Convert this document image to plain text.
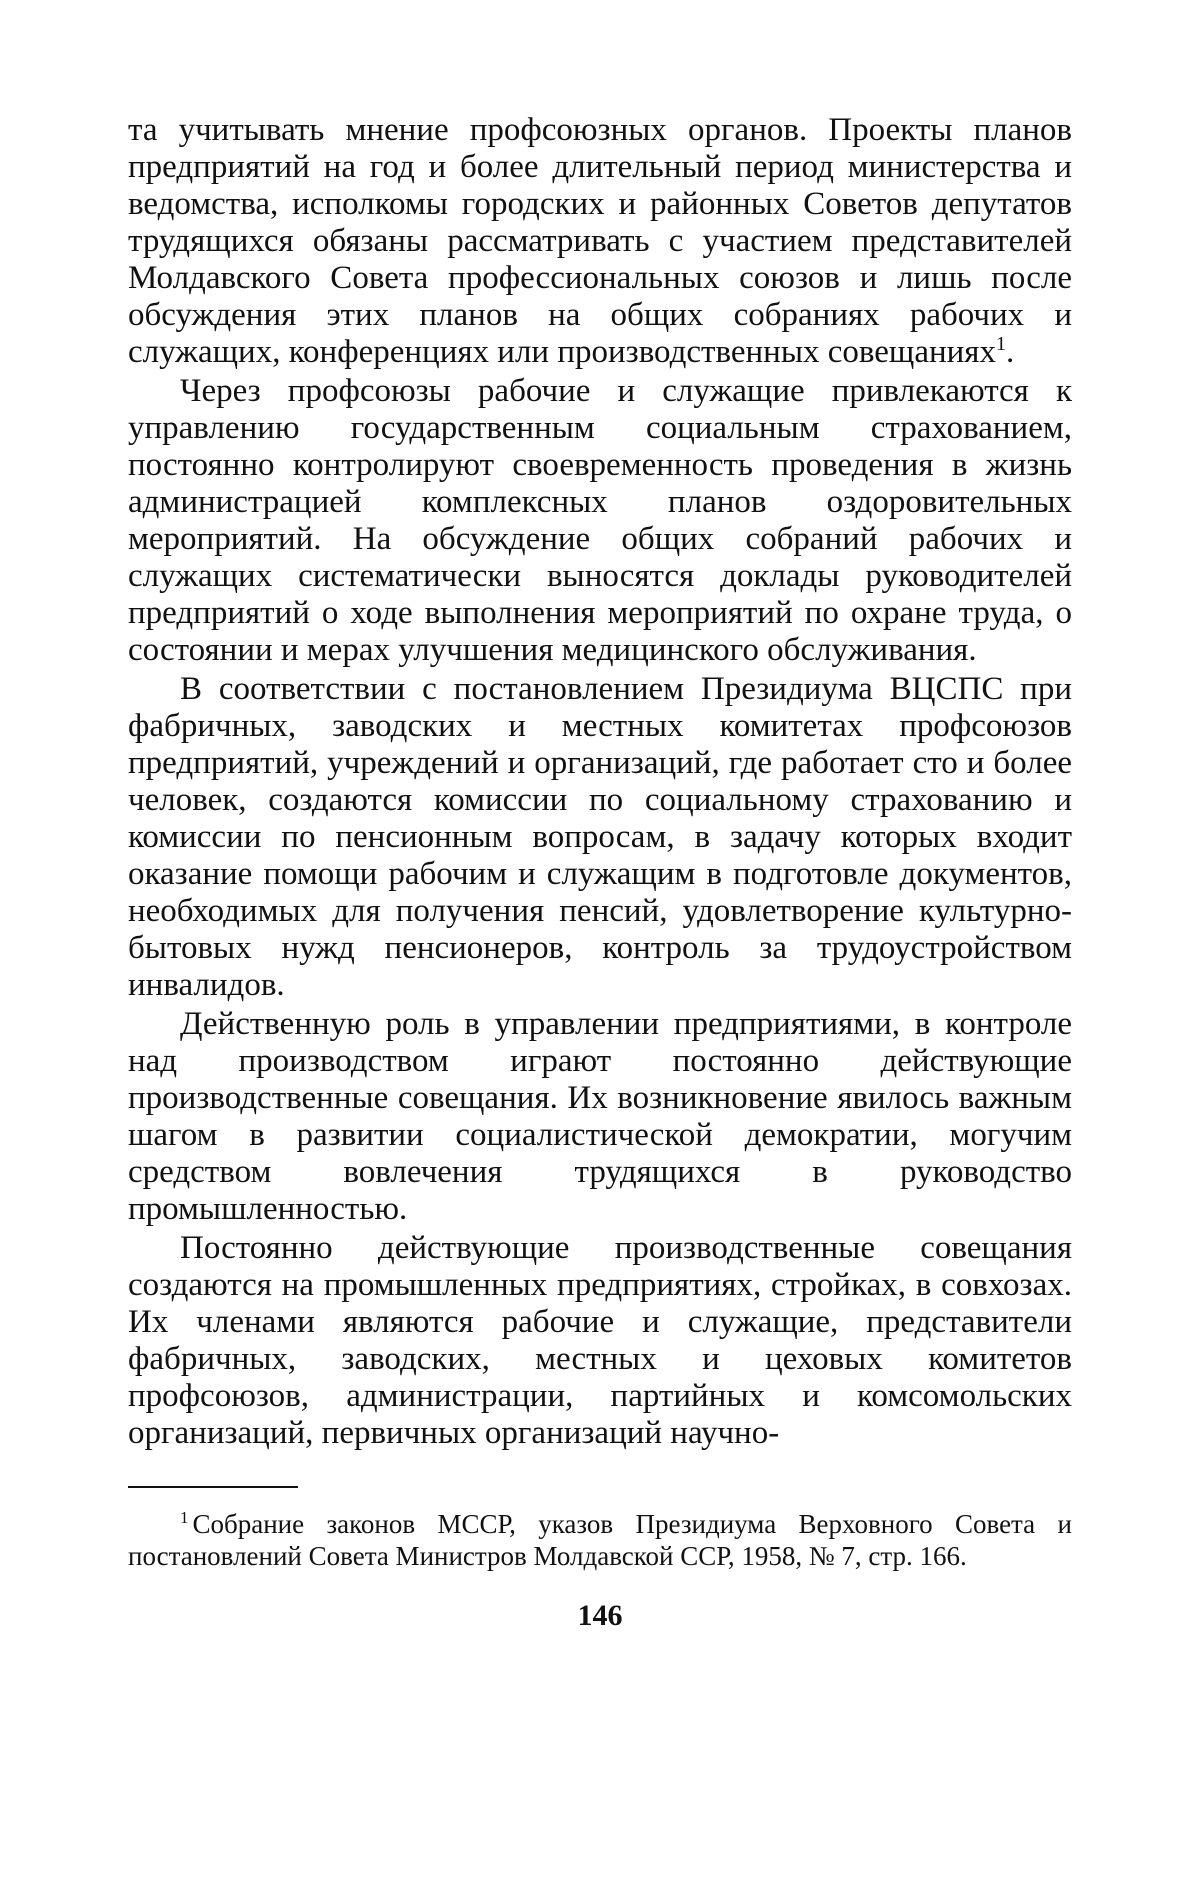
та учитывать мнение профсоюзных органов. Проекты планов предприятий на год и более длительный период министерства и ведомства, исполкомы городских и районных Советов депутатов трудящихся обязаны рассматривать с участием представителей Молдавского Совета профессиональных союзов и лишь после обсуждения этих планов на общих собраниях рабочих и служащих, конференциях или производственных совещаниях$^1$.

Через профсоюзы рабочие и служащие привлекаются к управлению государственным социальным страхованием, постоянно контролируют своевременность проведения в жизнь администрацией комплексных планов оздоровительных мероприятий. На обсуждение общих собраний рабочих и служащих систематически выносятся доклады руководителей предприятий о ходе выполнения мероприятий по охране труда, о состоянии и мерах улучшения медицинского обслуживания.

В соответствии с постановлением Президиума ВЦСПС при фабричных, заводских и местных комитетах профсоюзов предприятий, учреждений и организаций, где работает сто и более человек, создаются комиссии по социальному страхованию и комиссии по пенсионным вопросам, в задачу которых входит оказание помощи рабочим и служащим в подготовле документов, необходимых для получения пенсий, удовлетворение культурно-бытовых нужд пенсионеров, контроль за трудоустройством инвалидов.

Действенную роль в управлении предприятиями, в контроле над производством играют постоянно действующие производственные совещания. Их возникновение явилось важным шагом в развитии социалистической демократии, могучим средством вовлечения трудящихся в руководство промышленностью.

Постоянно действующие производственные совещания создаются на промышленных предприятиях, стройках, в совхозах. Их членами являются рабочие и служащие, представители фабричных, заводских, местных и цеховых комитетов профсоюзов, администрации, партийных и комсомольских организаций, первичных организаций научно-

$^1$ Собрание законов МССР, указов Президиума Верховного Совета и постановлений Совета Министров Молдавской ССР, 1958, № 7, стр. 166.

146
